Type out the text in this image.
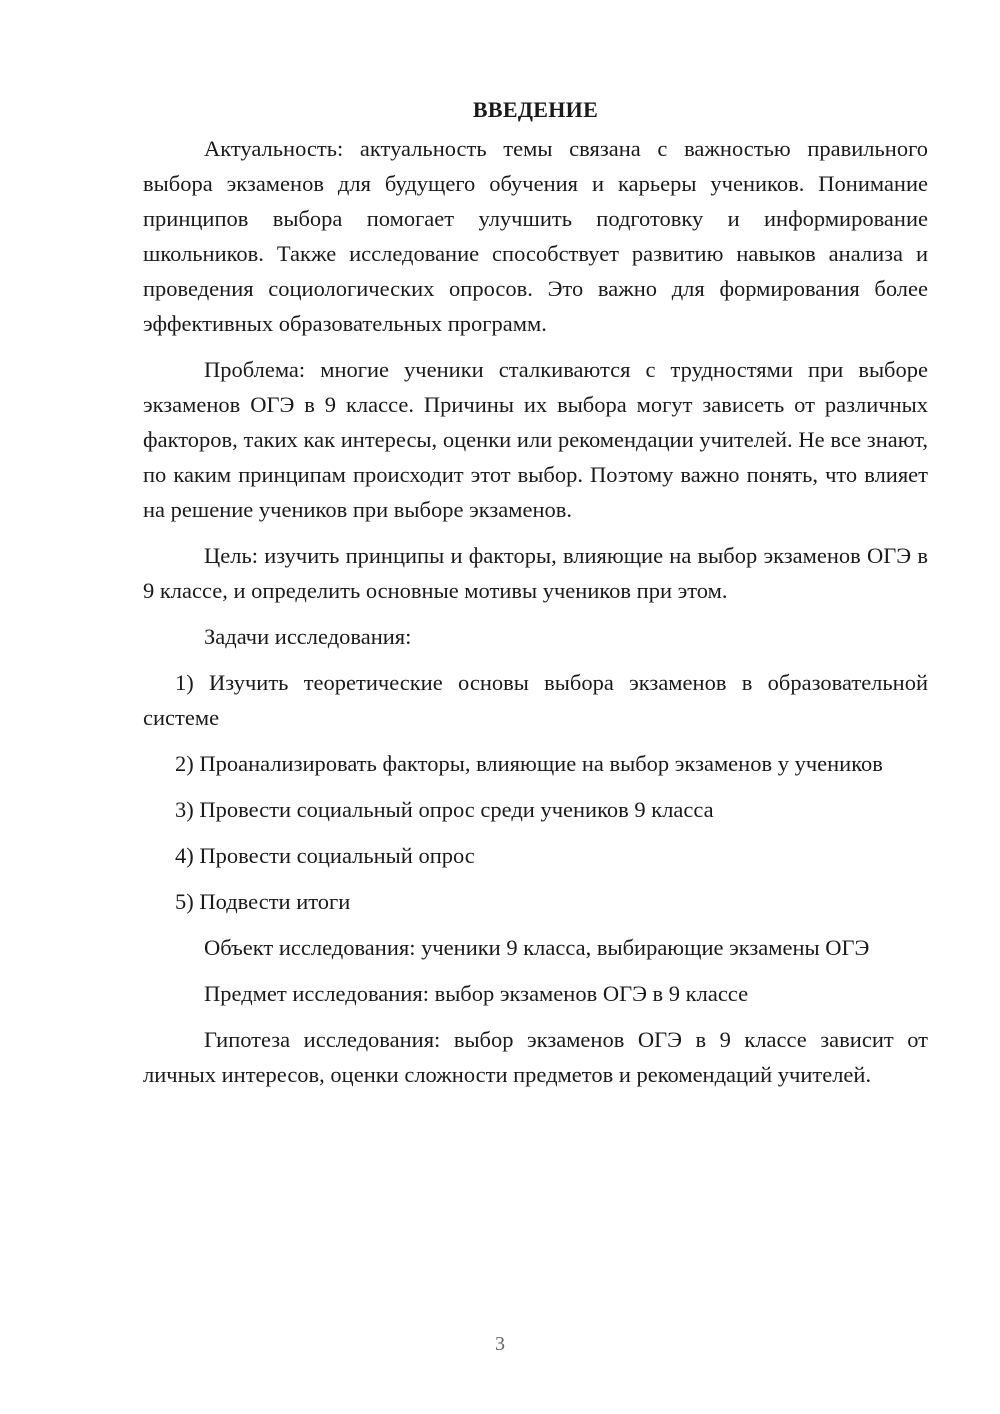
ВВЕДЕНИЕ

Актуальность: актуальность темы связана с важностью правильного выбора экзаменов для будущего обучения и карьеры учеников. Понимание принципов выбора помогает улучшить подготовку и информирование школьников. Также исследование способствует развитию навыков анализа и проведения социологических опросов. Это важно для формирования более эффективных образовательных программ.

Проблема: многие ученики сталкиваются с трудностями при выборе экзаменов ОГЭ в 9 классе. Причины их выбора могут зависеть от различных факторов, таких как интересы, оценки или рекомендации учителей. Не все знают, по каким принципам происходит этот выбор. Поэтому важно понять, что влияет на решение учеников при выборе экзаменов.

Цель: изучить принципы и факторы, влияющие на выбор экзаменов ОГЭ в 9 классе, и определить основные мотивы учеников при этом.

Задачи исследования:

1) Изучить теоретические основы выбора экзаменов в образовательной системе

2) Проанализировать факторы, влияющие на выбор экзаменов у учеников

3) Провести социальный опрос среди учеников 9 класса

4) Провести социальный опрос

5) Подвести итоги

Объект исследования: ученики 9 класса, выбирающие экзамены ОГЭ

Предмет исследования: выбор экзаменов ОГЭ в 9 классе

Гипотеза исследования: выбор экзаменов ОГЭ в 9 классе зависит от личных интересов, оценки сложности предметов и рекомендаций учителей.

3
